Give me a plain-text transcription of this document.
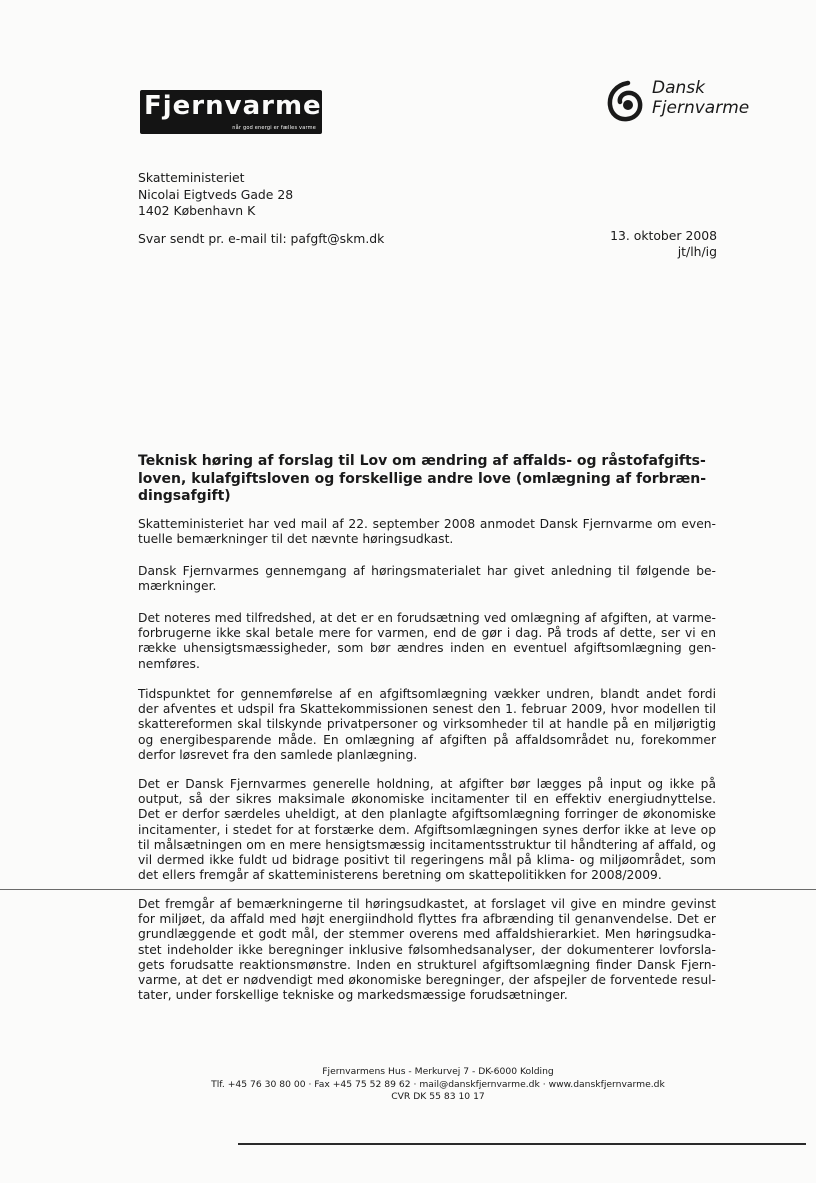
Fjernvarme
når god energi er fælles varme
Dansk
Fjernvarme
Skatteministeriet
Nicolai Eigtveds Gade 28
1402 København K
Svar sendt pr. e-mail til: pafgft@skm.dk	13. oktober 2008
jt/lh/ig
Teknisk høring af forslag til Lov om ændring af affalds- og råstofafgifts-
loven, kulafgiftsloven og forskellige andre love (omlægning af forbræn-
dingsafgift)
Skatteministeriet har ved mail af 22. september 2008 anmodet Dansk Fjernvarme om even-
tuelle bemærkninger til det nævnte høringsudkast.
Dansk Fjernvarmes gennemgang af høringsmaterialet har givet anledning til følgende be-
mærkninger.
Det noteres med tilfredshed, at det er en forudsætning ved omlægning af afgiften, at varme-
forbrugerne ikke skal betale mere for varmen, end de gør i dag. På trods af dette, ser vi en
række uhensigtsmæssigheder, som bør ændres inden en eventuel afgiftsomlægning gen-
nemføres.
Tidspunktet for gennemførelse af en afgiftsomlægning vækker undren, blandt andet fordi
der afventes et udspil fra Skattekommissionen senest den 1. februar 2009, hvor modellen til
skattereformen skal tilskynde privatpersoner og virksomheder til at handle på en miljørigtig
og energibesparende måde. En omlægning af afgiften på affaldsområdet nu, forekommer
derfor løsrevet fra den samlede planlægning.
Det er Dansk Fjernvarmes generelle holdning, at afgifter bør lægges på input og ikke på
output, så der sikres maksimale økonomiske incitamenter til en effektiv energiudnyttelse.
Det er derfor særdeles uheldigt, at den planlagte afgiftsomlægning forringer de økonomiske
incitamenter, i stedet for at forstærke dem. Afgiftsomlægningen synes derfor ikke at leve op
til målsætningen om en mere hensigtsmæssig incitamentsstruktur til håndtering af affald, og
vil dermed ikke fuldt ud bidrage positivt til regeringens mål på klima- og miljøområdet, som
det ellers fremgår af skatteministerens beretning om skattepolitikken for 2008/2009.
Det fremgår af bemærkningerne til høringsudkastet, at forslaget vil give en mindre gevinst
for miljøet, da affald med højt energiindhold flyttes fra afbrænding til genanvendelse. Det er
grundlæggende et godt mål, der stemmer overens med affaldshierarkiet. Men høringsudka-
stet indeholder ikke beregninger inklusive følsomhedsanalyser, der dokumenterer lovforsla-
gets forudsatte reaktionsmønstre. Inden en strukturel afgiftsomlægning finder Dansk Fjern-
varme, at det er nødvendigt med økonomiske beregninger, der afspejler de forventede resul-
tater, under forskellige tekniske og markedsmæssige forudsætninger.
Fjernvarmens Hus - Merkurvej 7 - DK-6000 Kolding
Tlf. +45 76 30 80 00 · Fax +45 75 52 89 62 · mail@danskfjernvarme.dk · www.danskfjernvarme.dk
CVR DK 55 83 10 17
